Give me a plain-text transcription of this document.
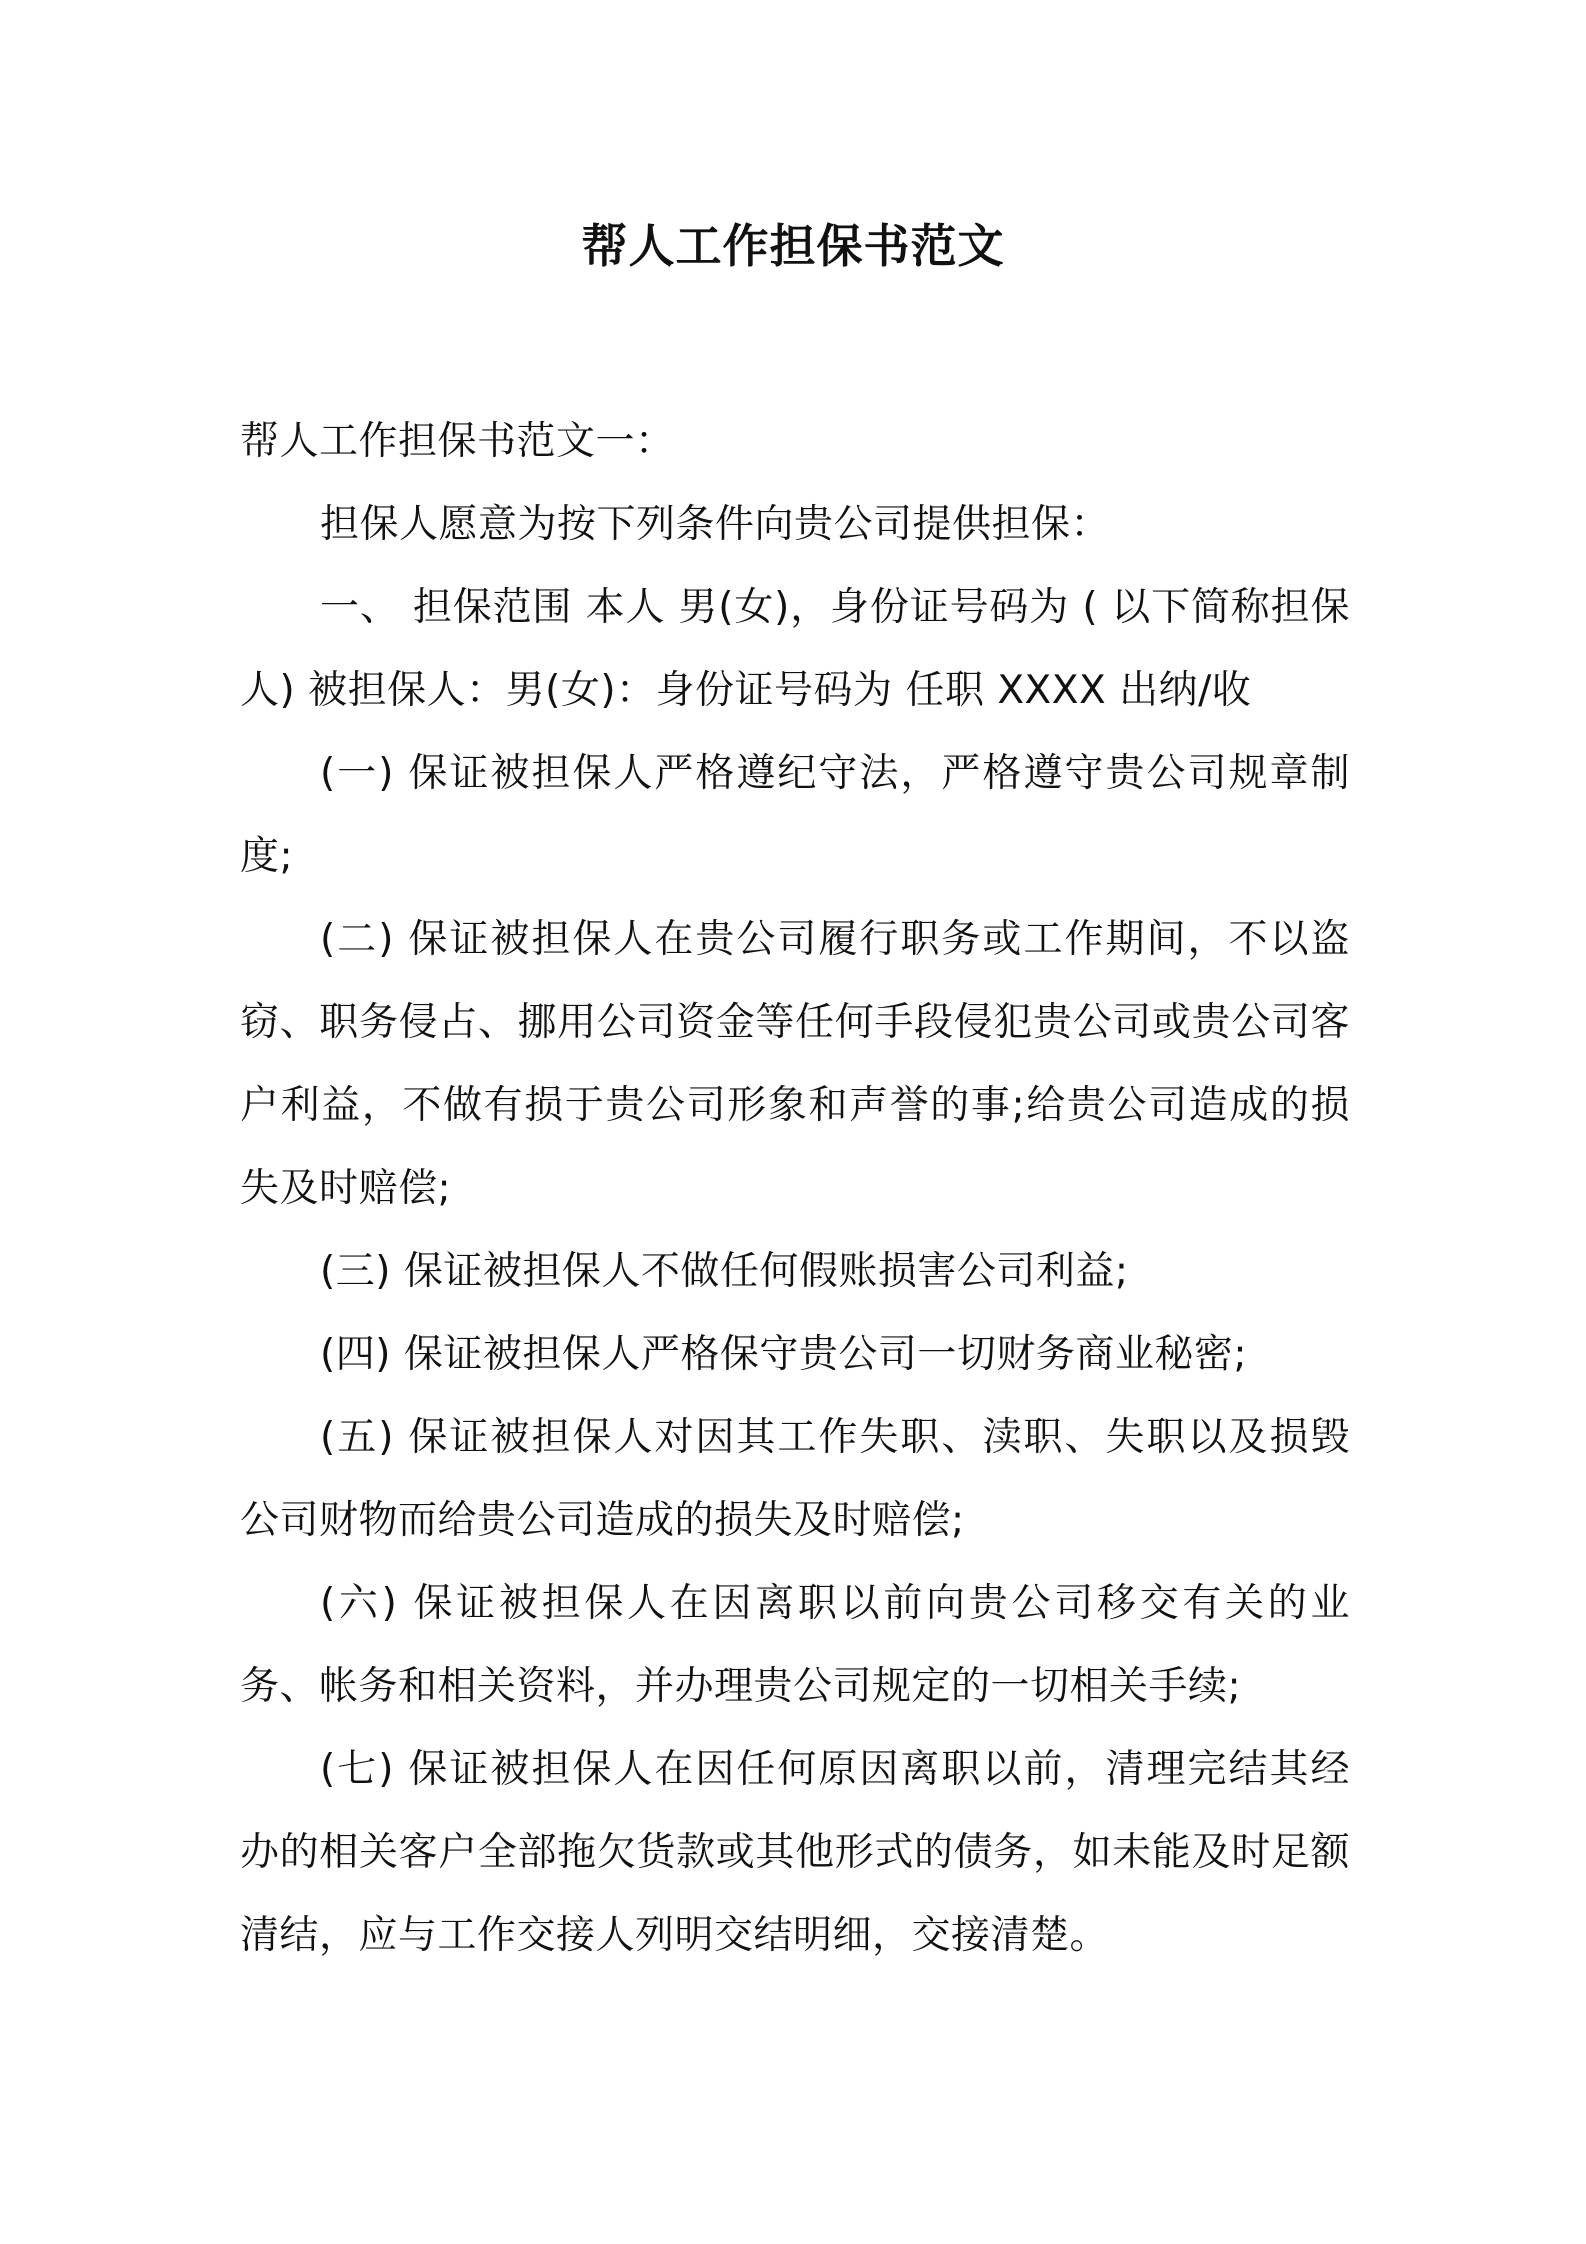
帮人工作担保书范文

帮人工作担保书范文一：

担保人愿意为按下列条件向贵公司提供担保：

一、 担保范围 本人 男(女)，身份证号码为 ( 以下简称担保人) 被担保人：男(女)：身份证号码为 任职 XXXX 出纳/收

(一) 保证被担保人严格遵纪守法，严格遵守贵公司规章制度;

(二) 保证被担保人在贵公司履行职务或工作期间，不以盗窃、职务侵占、挪用公司资金等任何手段侵犯贵公司或贵公司客户利益，不做有损于贵公司形象和声誉的事;给贵公司造成的损失及时赔偿;

(三) 保证被担保人不做任何假账损害公司利益;

(四) 保证被担保人严格保守贵公司一切财务商业秘密;

(五) 保证被担保人对因其工作失职、渎职、失职以及损毁公司财物而给贵公司造成的损失及时赔偿;

(六) 保证被担保人在因离职以前向贵公司移交有关的业务、帐务和相关资料，并办理贵公司规定的一切相关手续;

(七) 保证被担保人在因任何原因离职以前，清理完结其经办的相关客户全部拖欠货款或其他形式的债务，如未能及时足额清结，应与工作交接人列明交结明细，交接清楚。
